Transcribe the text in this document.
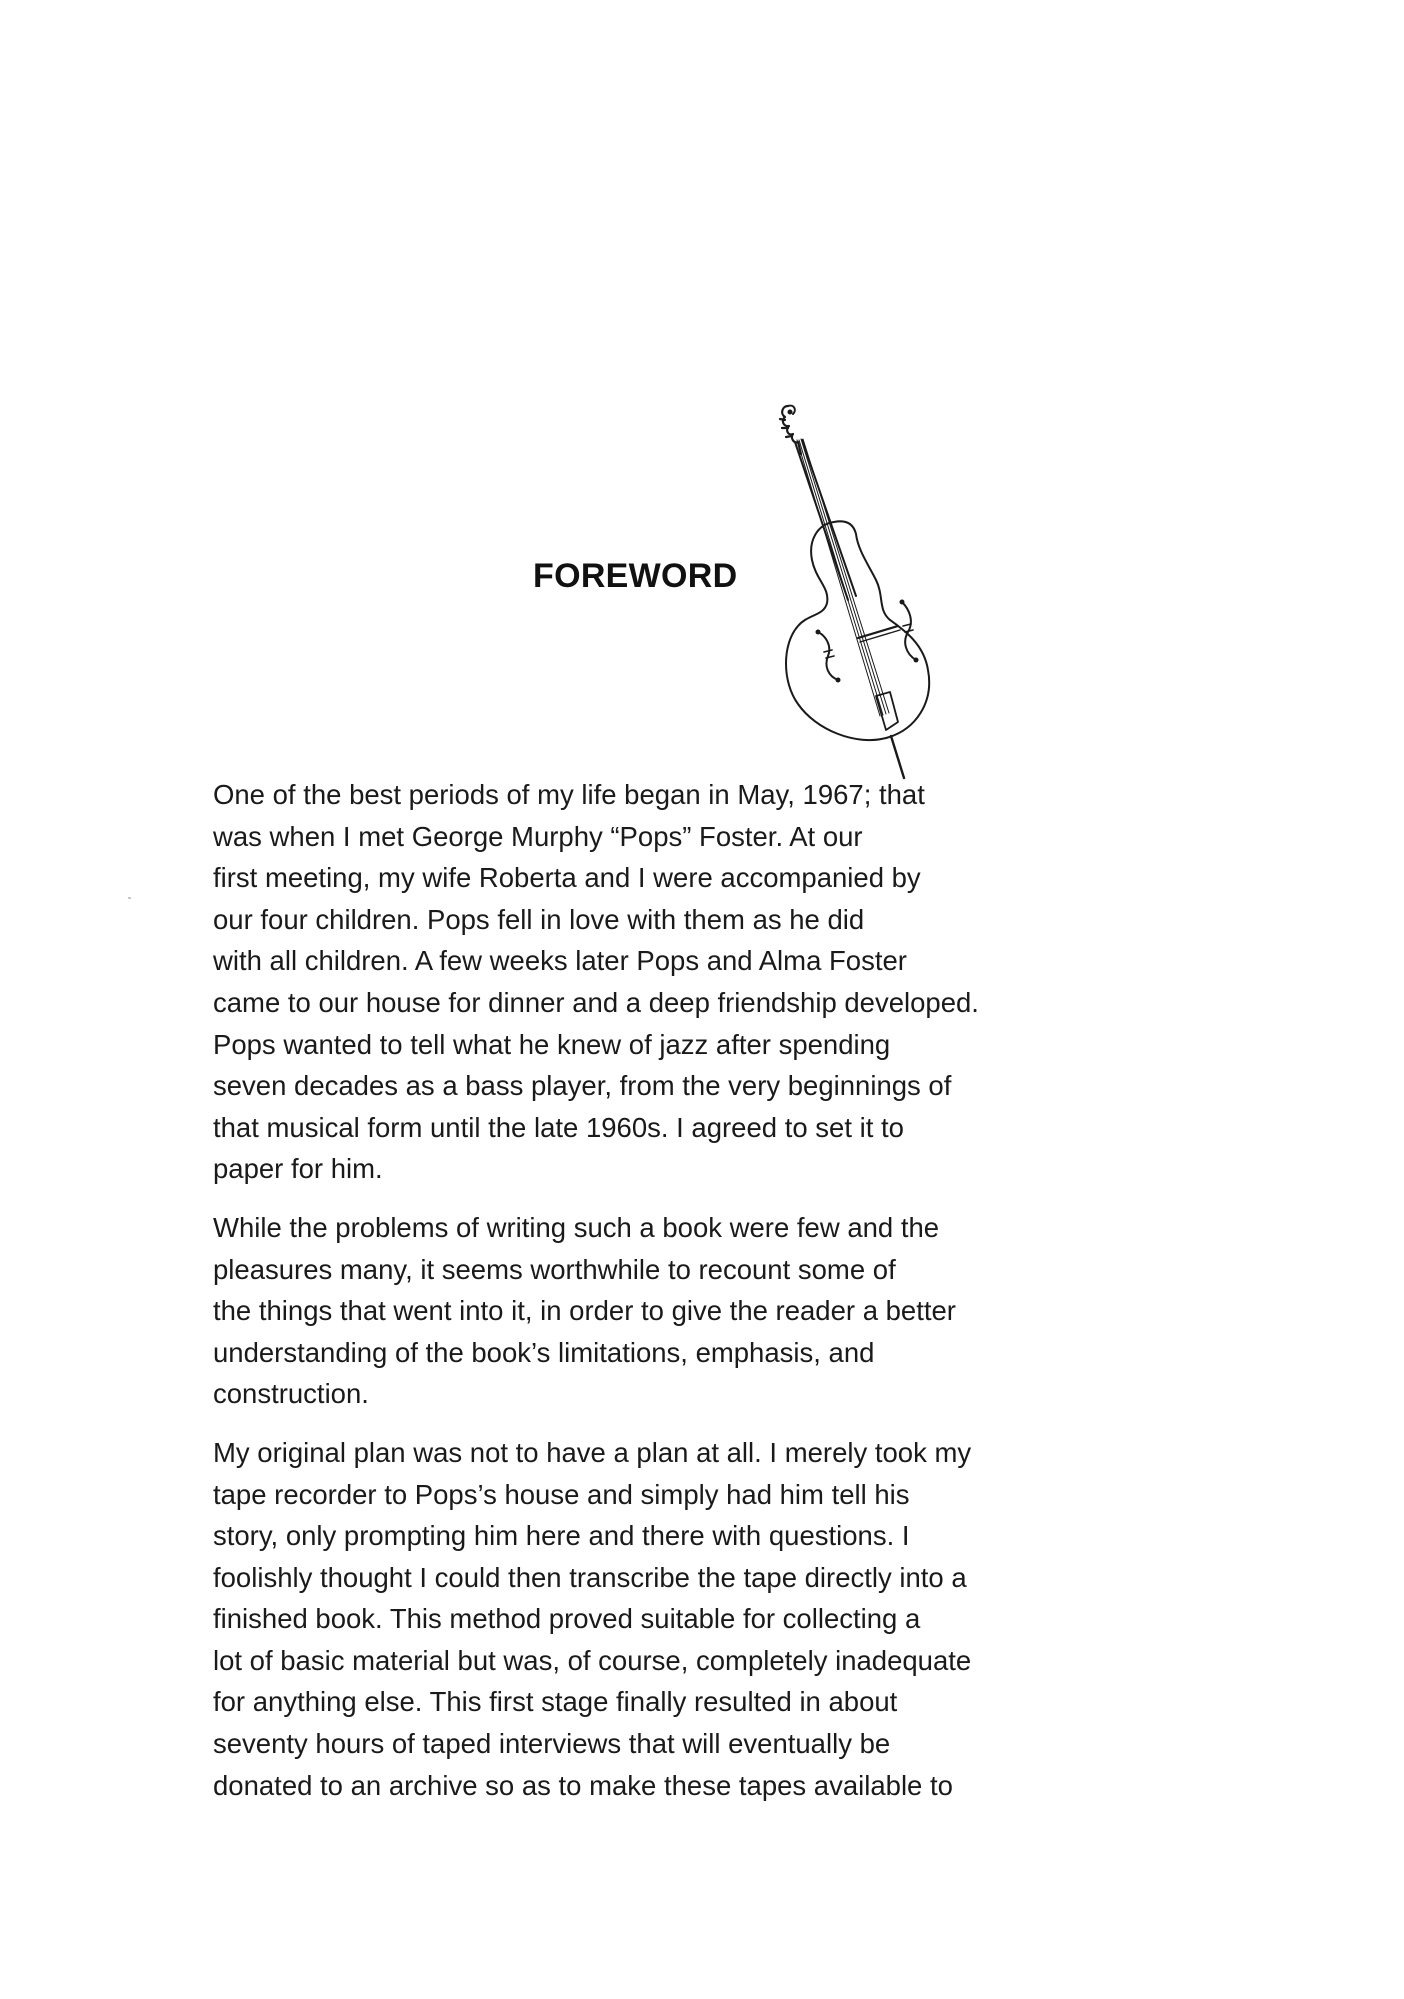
FOREWORD
One of the best periods of my life began in May, 1967; that
was when I met George Murphy “Pops” Foster. At our
first meeting, my wife Roberta and I were accompanied by
our four children. Pops fell in love with them as he did
with all children. A few weeks later Pops and Alma Foster
came to our house for dinner and a deep friendship developed.
Pops wanted to tell what he knew of jazz after spending
seven decades as a bass player, from the very beginnings of
that musical form until the late 1960s. I agreed to set it to
paper for him.
While the problems of writing such a book were few and the
pleasures many, it seems worthwhile to recount some of
the things that went into it, in order to give the reader a better
understanding of the book’s limitations, emphasis, and
construction.
My original plan was not to have a plan at all. I merely took my
tape recorder to Pops’s house and simply had him tell his
story, only prompting him here and there with questions. I
foolishly thought I could then transcribe the tape directly into a
finished book. This method proved suitable for collecting a
lot of basic material but was, of course, completely inadequate
for anything else. This first stage finally resulted in about
seventy hours of taped interviews that will eventually be
donated to an archive so as to make these tapes available to
